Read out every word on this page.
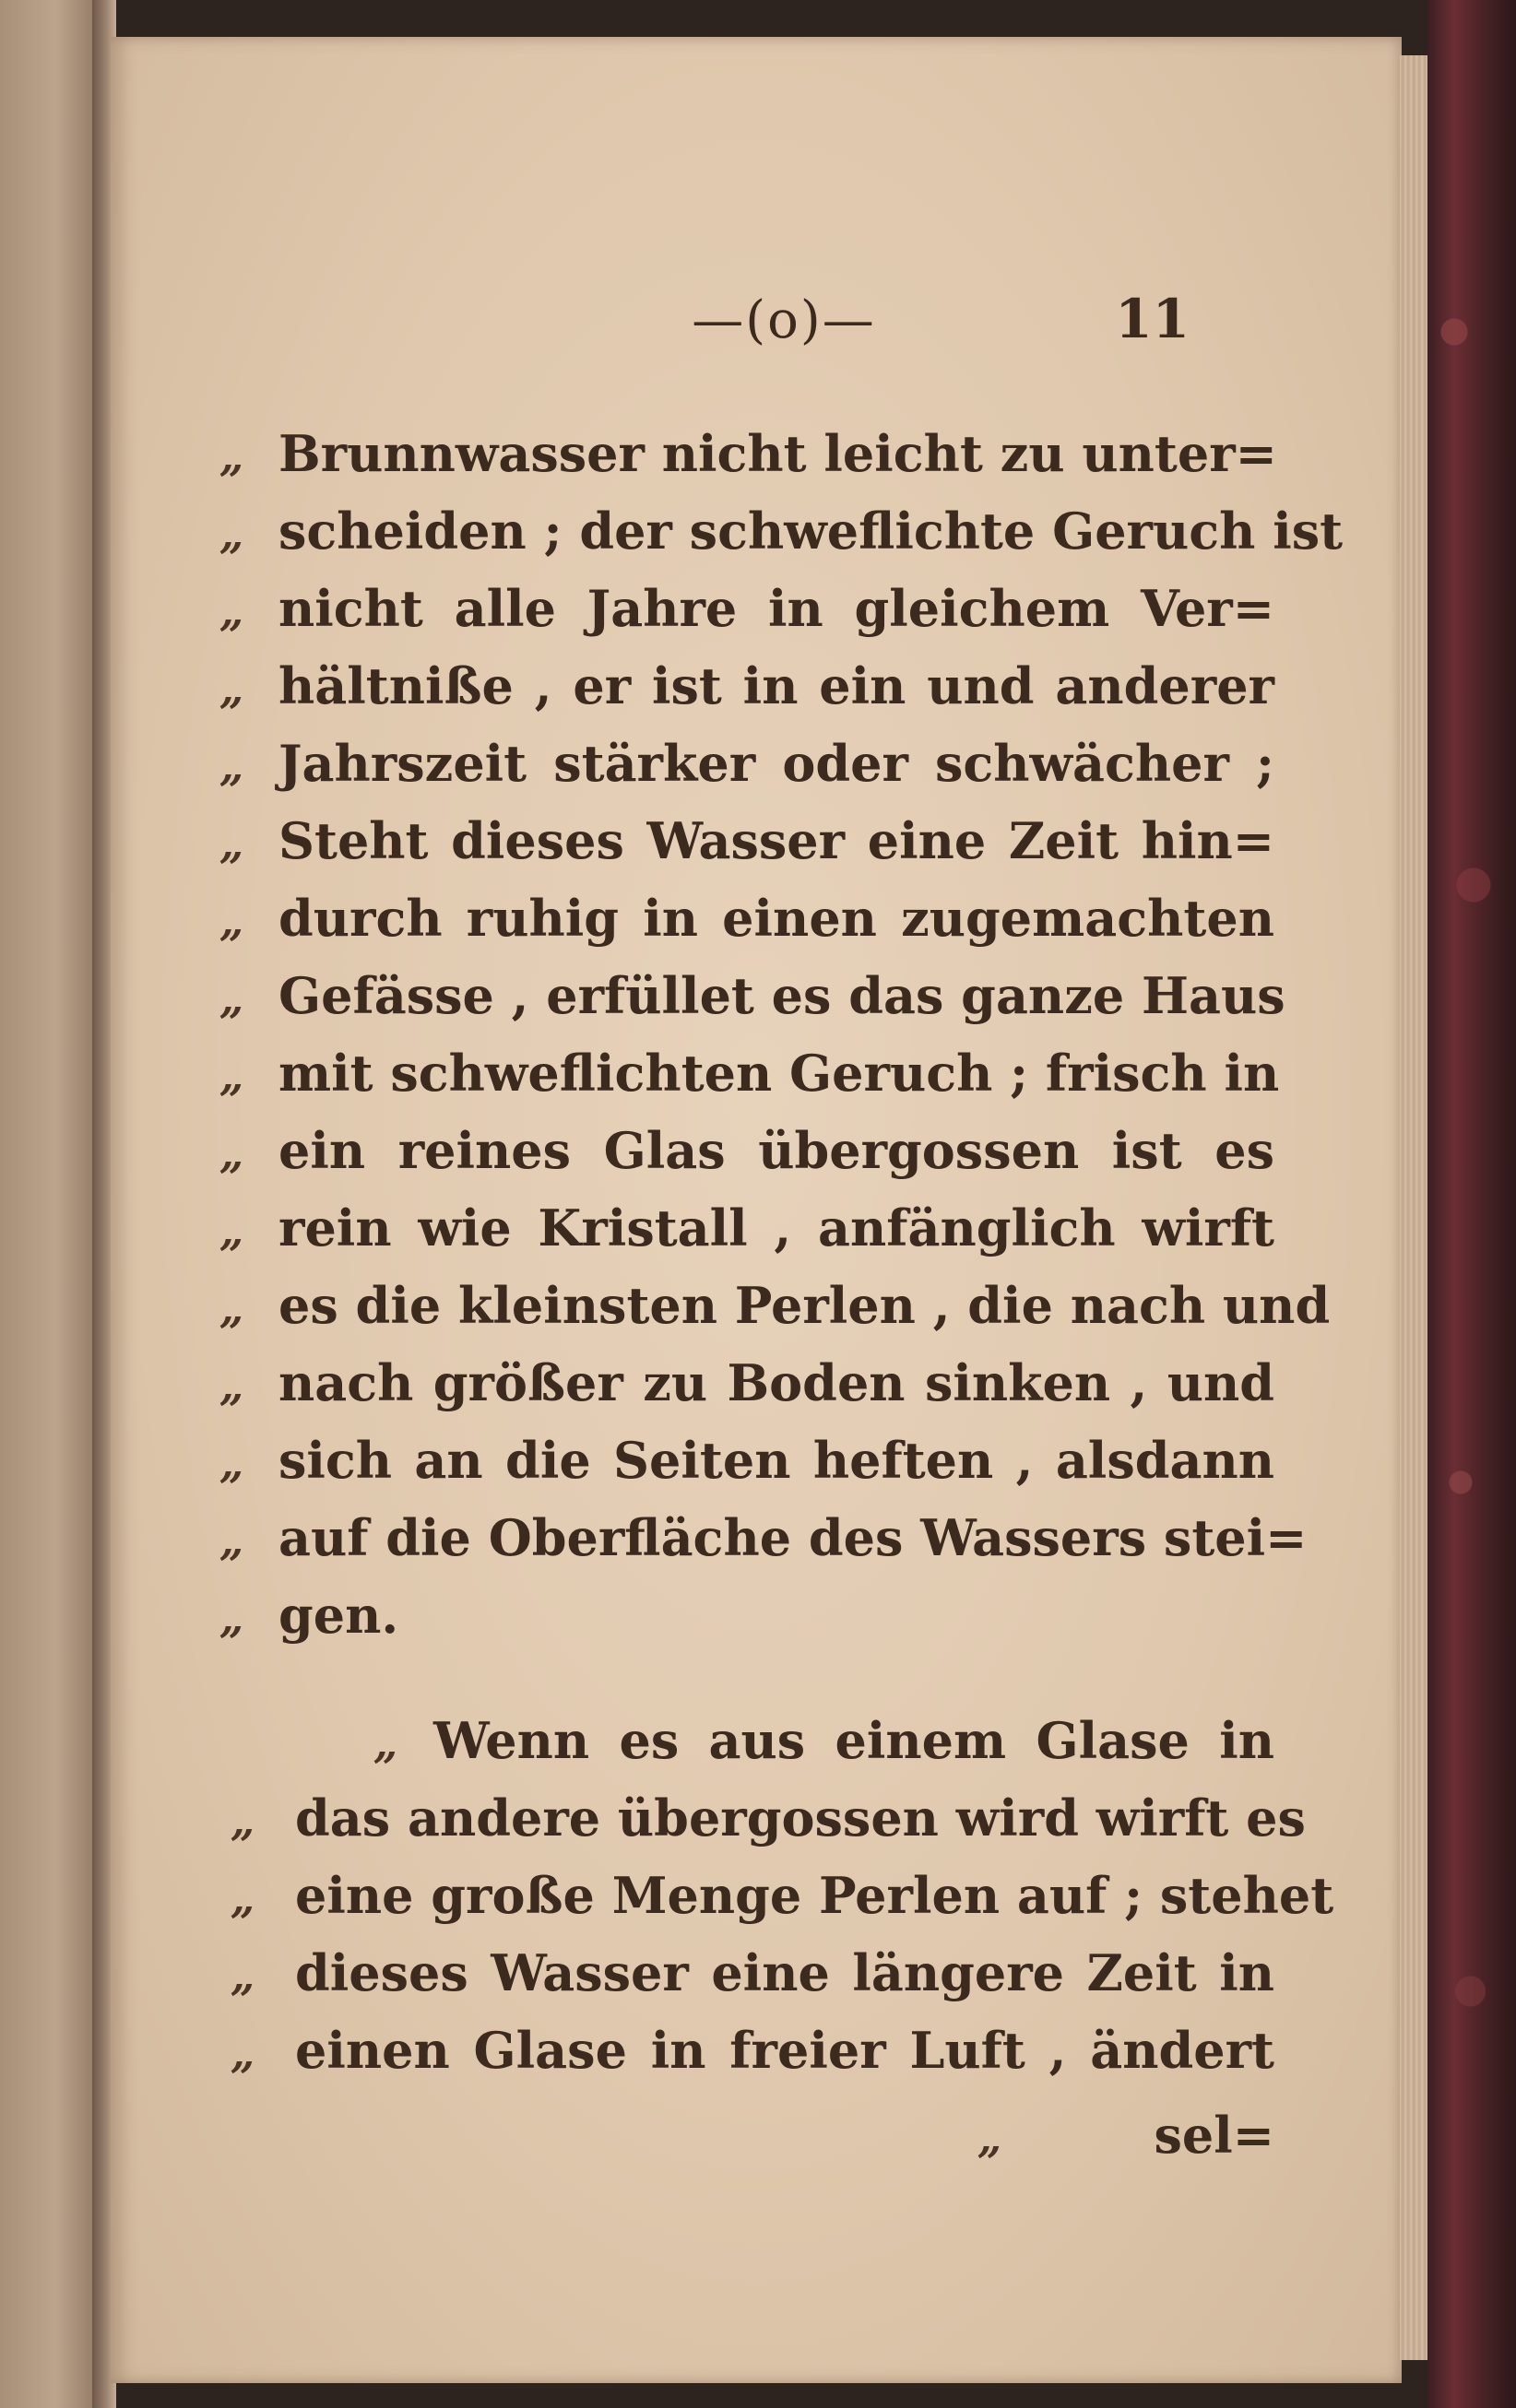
—(o)—	11
„ Brunnwasser nicht leicht zu unter=
„ scheiden ; der schweflichte Geruch ist
„ nicht alle Jahre in gleichem Ver=
„ hältniße , er ist in ein und anderer
„ Jahrszeit stärker oder schwächer ;
„ Steht dieses Wasser eine Zeit hin=
„ durch ruhig in einen zugemachten
„ Gefässe , erfüllet es das ganze Haus
„ mit schweflichten Geruch ; frisch in
„ ein reines Glas übergossen ist es
„ rein wie Kristall , anfänglich wirft
„ es die kleinsten Perlen , die nach und
„ nach größer zu Boden sinken , und
„ sich an die Seiten heften , alsdann
„ auf die Oberfläche des Wassers stei=
„ gen.
„ Wenn es aus einem Glase in
„ das andere übergossen wird wirft es
„ eine große Menge Perlen auf ; stehet
„ dieses Wasser eine längere Zeit in
„ einen Glase in freier Luft , ändert
„	sel=
